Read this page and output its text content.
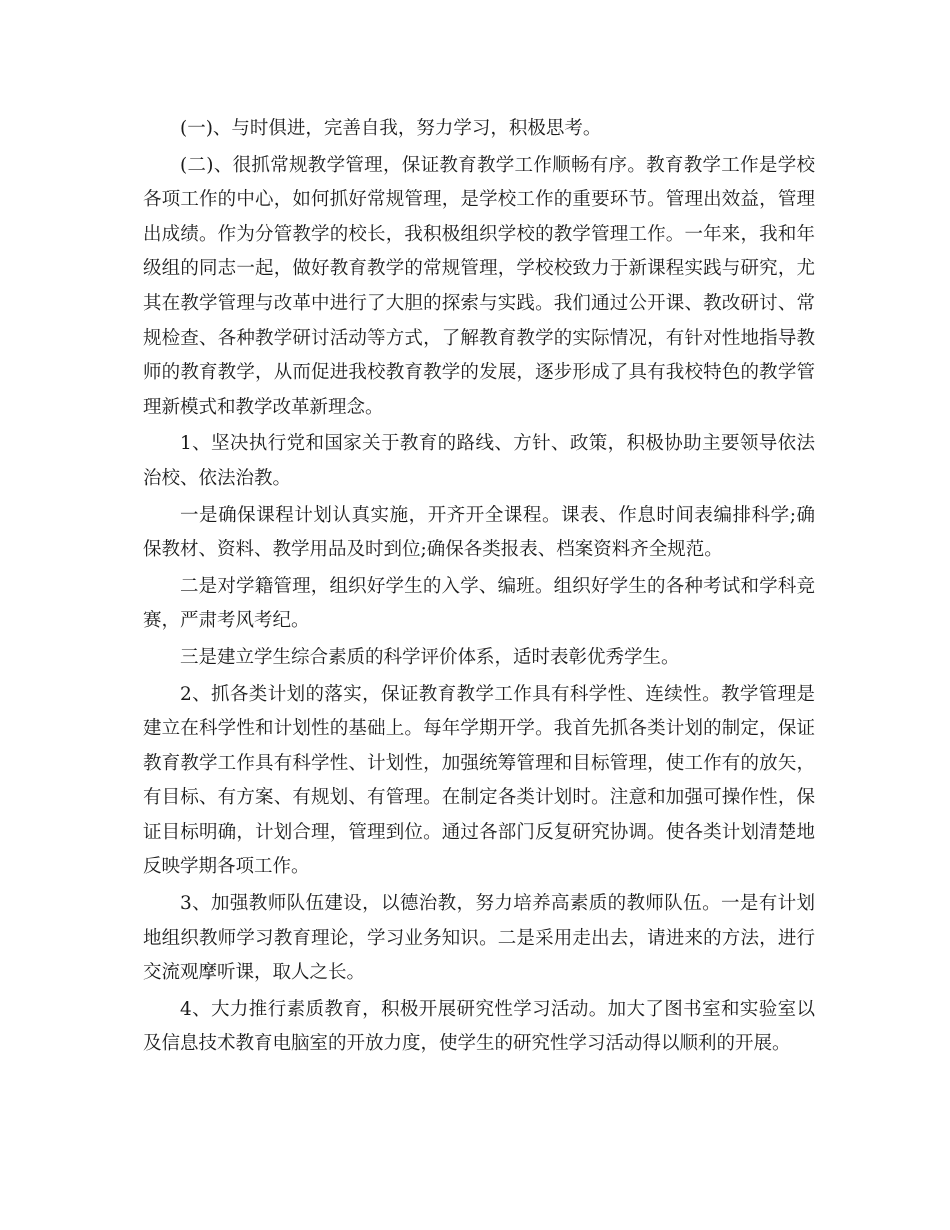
(一)、与时俱进，完善自我，努力学习，积极思考。

(二)、很抓常规教学管理，保证教育教学工作顺畅有序。教育教学工作是学校各项工作的中心，如何抓好常规管理，是学校工作的重要环节。管理出效益，管理出成绩。作为分管教学的校长，我积极组织学校的教学管理工作。一年来，我和年级组的同志一起，做好教育教学的常规管理，学校校致力于新课程实践与研究，尤其在教学管理与改革中进行了大胆的探索与实践。我们通过公开课、教改研讨、常规检查、各种教学研讨活动等方式，了解教育教学的实际情况，有针对性地指导教师的教育教学，从而促进我校教育教学的发展，逐步形成了具有我校特色的教学管理新模式和教学改革新理念。

1、坚决执行党和国家关于教育的路线、方针、政策，积极协助主要领导依法治校、依法治教。

一是确保课程计划认真实施，开齐开全课程。课表、作息时间表编排科学;确保教材、资料、教学用品及时到位;确保各类报表、档案资料齐全规范。

二是对学籍管理，组织好学生的入学、编班。组织好学生的各种考试和学科竞赛，严肃考风考纪。

三是建立学生综合素质的科学评价体系，适时表彰优秀学生。

2、抓各类计划的落实，保证教育教学工作具有科学性、连续性。教学管理是建立在科学性和计划性的基础上。每年学期开学。我首先抓各类计划的制定，保证教育教学工作具有科学性、计划性，加强统筹管理和目标管理，使工作有的放矢，有目标、有方案、有规划、有管理。在制定各类计划时。注意和加强可操作性，保证目标明确，计划合理，管理到位。通过各部门反复研究协调。使各类计划清楚地反映学期各项工作。

3、加强教师队伍建设，以德治教，努力培养高素质的教师队伍。一是有计划地组织教师学习教育理论，学习业务知识。二是采用走出去，请进来的方法，进行交流观摩听课，取人之长。

4、大力推行素质教育，积极开展研究性学习活动。加大了图书室和实验室以及信息技术教育电脑室的开放力度，使学生的研究性学习活动得以顺利的开展。
